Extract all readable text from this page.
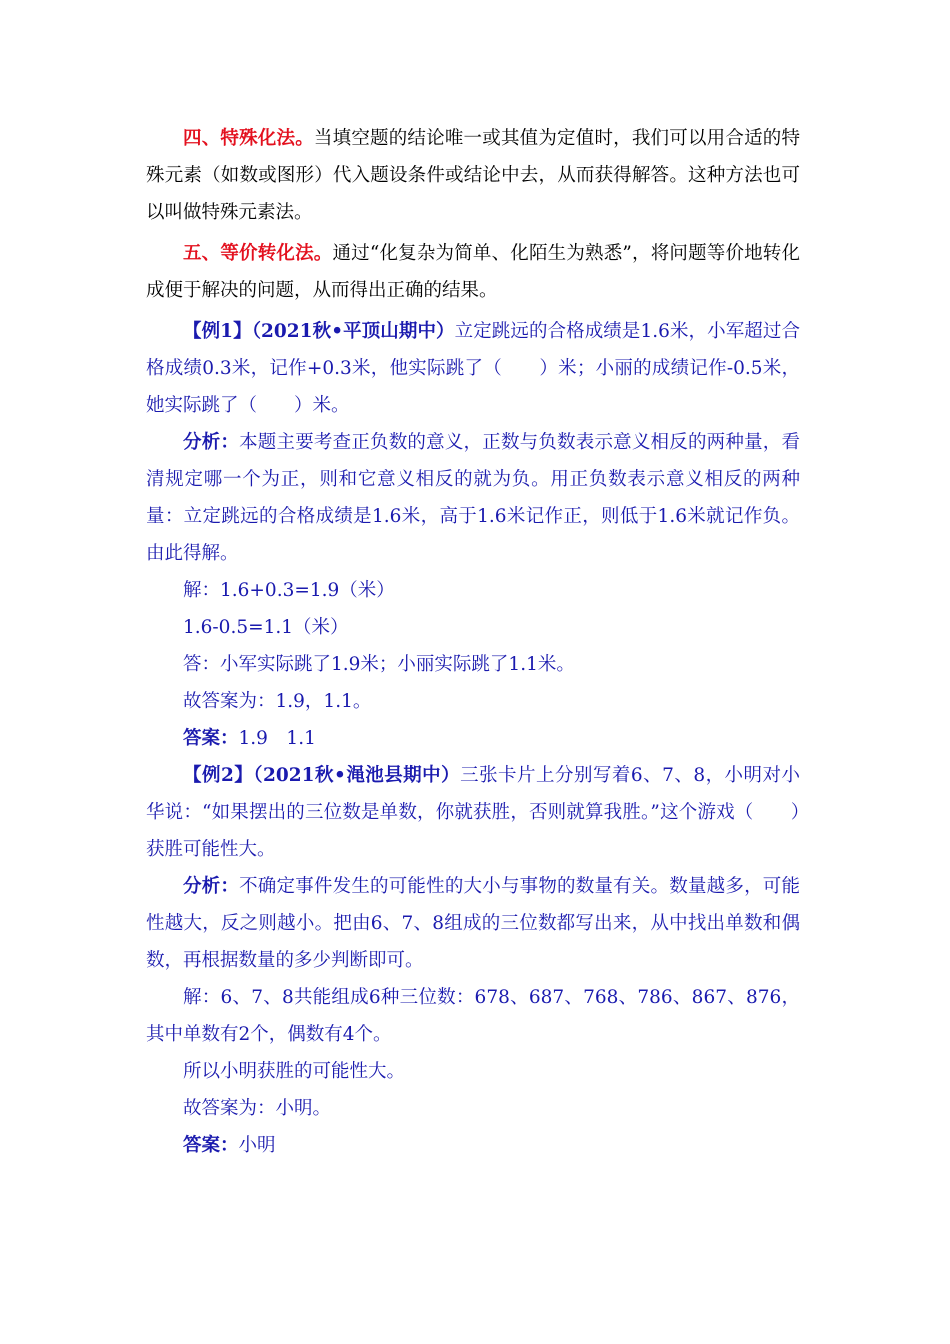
四、特殊化法。当填空题的结论唯一或其值为定值时，我们可以用合适的特殊元素（如数或图形）代入题设条件或结论中去，从而获得解答。这种方法也可以叫做特殊元素法。

五、等价转化法。通过“化复杂为简单、化陌生为熟悉”，将问题等价地转化成便于解决的问题，从而得出正确的结果。

【例1】（2021秋•平顶山期中）立定跳远的合格成绩是1.6米，小军超过合格成绩0.3米，记作+0.3米，他实际跳了（　　）米；小丽的成绩记作-0.5米，她实际跳了（　　）米。

分析：本题主要考查正负数的意义，正数与负数表示意义相反的两种量，看清规定哪一个为正，则和它意义相反的就为负。用正负数表示意义相反的两种量：立定跳远的合格成绩是1.6米，高于1.6米记作正，则低于1.6米就记作负。由此得解。

解：1.6+0.3=1.9（米）

1.6-0.5=1.1（米）

答：小军实际跳了1.9米；小丽实际跳了1.1米。

故答案为：1.9，1.1。

答案：1.9　1.1

【例2】（2021秋•渑池县期中）三张卡片上分别写着6、7、8，小明对小华说：“如果摆出的三位数是单数，你就获胜，否则就算我胜。”这个游戏（　　）获胜可能性大。

分析：不确定事件发生的可能性的大小与事物的数量有关。数量越多，可能性越大，反之则越小。把由6、7、8组成的三位数都写出来，从中找出单数和偶数，再根据数量的多少判断即可。

解：6、7、8共能组成6种三位数：678、687、768、786、867、876，其中单数有2个，偶数有4个。

所以小明获胜的可能性大。

故答案为：小明。

答案：小明
